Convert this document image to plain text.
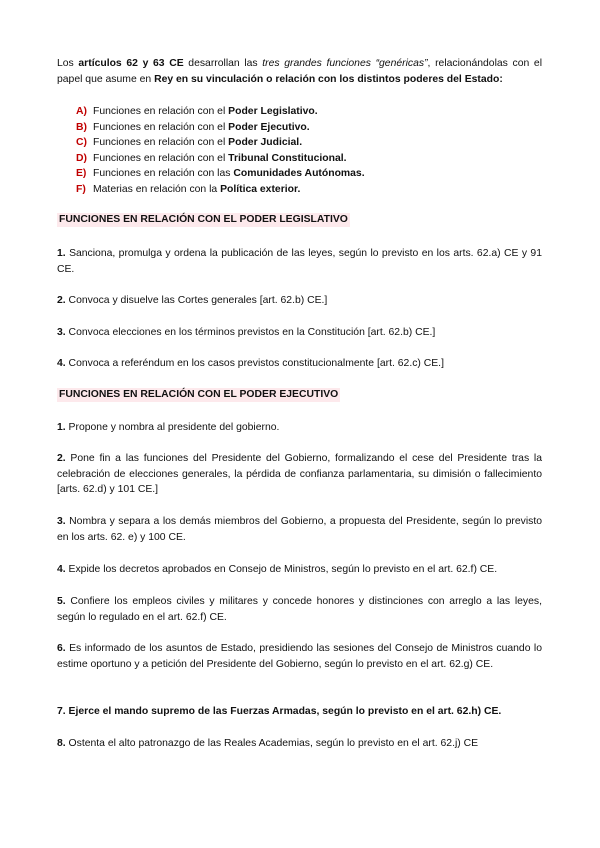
Los artículos 62 y 63 CE desarrollan las tres grandes funciones “genéricas”, relacionándolas con el papel que asume en Rey en su vinculación o relación con los distintos poderes del Estado:

A) Funciones en relación con el Poder Legislativo.
B) Funciones en relación con el Poder Ejecutivo.
C) Funciones en relación con el Poder Judicial.
D) Funciones en relación con el Tribunal Constitucional.
E) Funciones en relación con las Comunidades Autónomas.
F) Materias en relación con la Política exterior.
FUNCIONES EN RELACIÓN CON EL PODER LEGISLATIVO

1. Sanciona, promulga y ordena la publicación de las leyes, según lo previsto en los arts. 62.a) CE y 91 CE.

2. Convoca y disuelve las Cortes generales [art. 62.b) CE.]

3. Convoca elecciones en los términos previstos en la Constitución [art. 62.b) CE.]

4. Convoca a referéndum en los casos previstos constitucionalmente [art. 62.c) CE.]

FUNCIONES EN RELACIÓN CON EL PODER EJECUTIVO

1. Propone y nombra al presidente del gobierno.

2. Pone fin a las funciones del Presidente del Gobierno, formalizando el cese del Presidente tras la celebración de elecciones generales, la pérdida de confianza parlamentaria, su dimisión o fallecimiento [arts. 62.d) y 101 CE.]

3. Nombra y separa a los demás miembros del Gobierno, a propuesta del Presidente, según lo previsto en los arts. 62. e) y 100 CE.

4. Expide los decretos aprobados en Consejo de Ministros, según lo previsto en el art. 62.f) CE.

5. Confiere los empleos civiles y militares y concede honores y distinciones con arreglo a las leyes, según lo regulado en el art. 62.f) CE.

6. Es informado de los asuntos de Estado, presidiendo las sesiones del Consejo de Ministros cuando lo estime oportuno y a petición del Presidente del Gobierno, según lo previsto en el art. 62.g) CE.

7. Ejerce el mando supremo de las Fuerzas Armadas, según lo previsto en el art. 62.h) CE.

8. Ostenta el alto patronazgo de las Reales Academias, según lo previsto en el art. 62.j) CE
